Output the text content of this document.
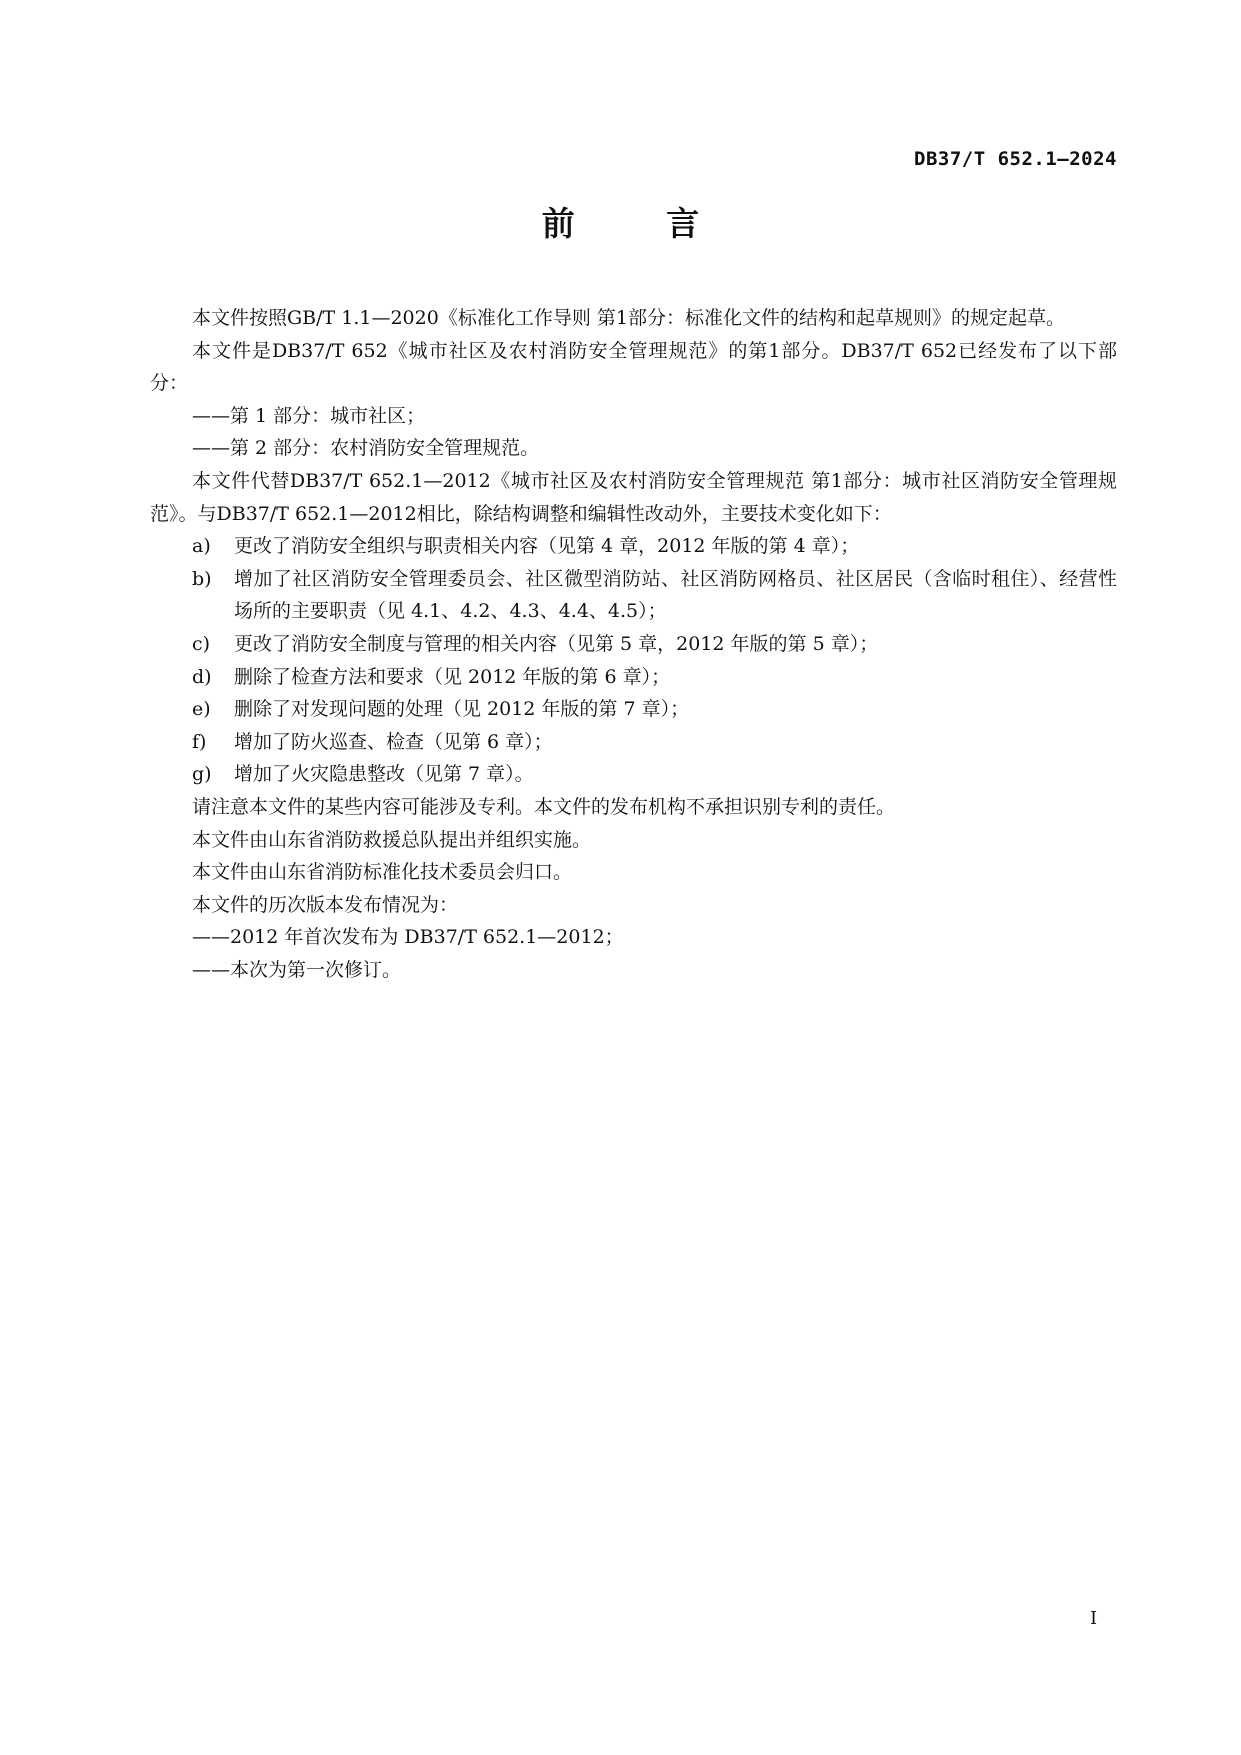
DB37/T 652.1—2024
前 言

本文件按照GB/T 1.1—2020《标准化工作导则 第1部分：标准化文件的结构和起草规则》的规定起草。

本文件是DB37/T 652《城市社区及农村消防安全管理规范》的第1部分。DB37/T 652已经发布了以下部分：

——第 1 部分：城市社区；

——第 2 部分：农村消防安全管理规范。

本文件代替DB37/T 652.1—2012《城市社区及农村消防安全管理规范 第1部分：城市社区消防安全管理规范》。与DB37/T 652.1—2012相比，除结构调整和编辑性改动外，主要技术变化如下：

a)	更改了消防安全组织与职责相关内容（见第 4 章，2012 年版的第 4 章）；
b)	增加了社区消防安全管理委员会、社区微型消防站、社区消防网格员、社区居民（含临时租住）、经营性场所的主要职责（见 4.1、4.2、4.3、4.4、4.5）；
c)	更改了消防安全制度与管理的相关内容（见第 5 章，2012 年版的第 5 章）；
d)	删除了检查方法和要求（见 2012 年版的第 6 章）；
e)	删除了对发现问题的处理（见 2012 年版的第 7 章）；
f)	增加了防火巡查、检查（见第 6 章）；
g)	增加了火灾隐患整改（见第 7 章）。

请注意本文件的某些内容可能涉及专利。本文件的发布机构不承担识别专利的责任。

本文件由山东省消防救援总队提出并组织实施。

本文件由山东省消防标准化技术委员会归口。

本文件的历次版本发布情况为：

——2012 年首次发布为 DB37/T 652.1—2012；

——本次为第一次修订。

I
